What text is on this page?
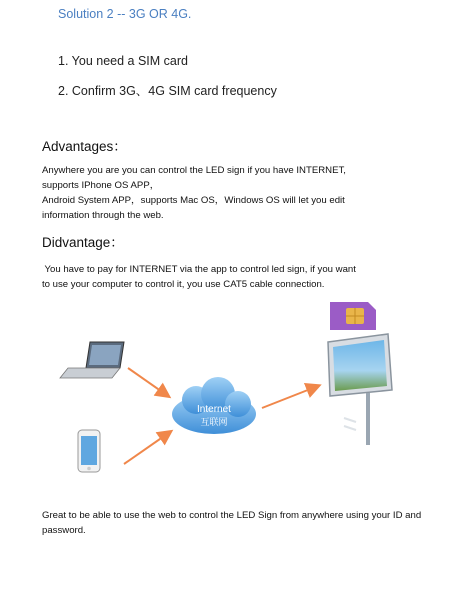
Solution 2 -- 3G OR 4G.
1. You need a SIM card
2. Confirm 3G、4G SIM card frequency
Advantages：
Anywhere you are you can control the LED sign if you have INTERNET,
supports IPhone OS APP，
Android System APP，supports Mac OS，Windows OS will let you edit
information through the web.
Didvantage：
You have to pay for INTERNET via the app to control led sign, if you want
to use your computer to control it, you use CAT5 cable connection.
Internet
互联网
Great to be able to use the web to control the LED Sign from anywhere using your ID and
password.
